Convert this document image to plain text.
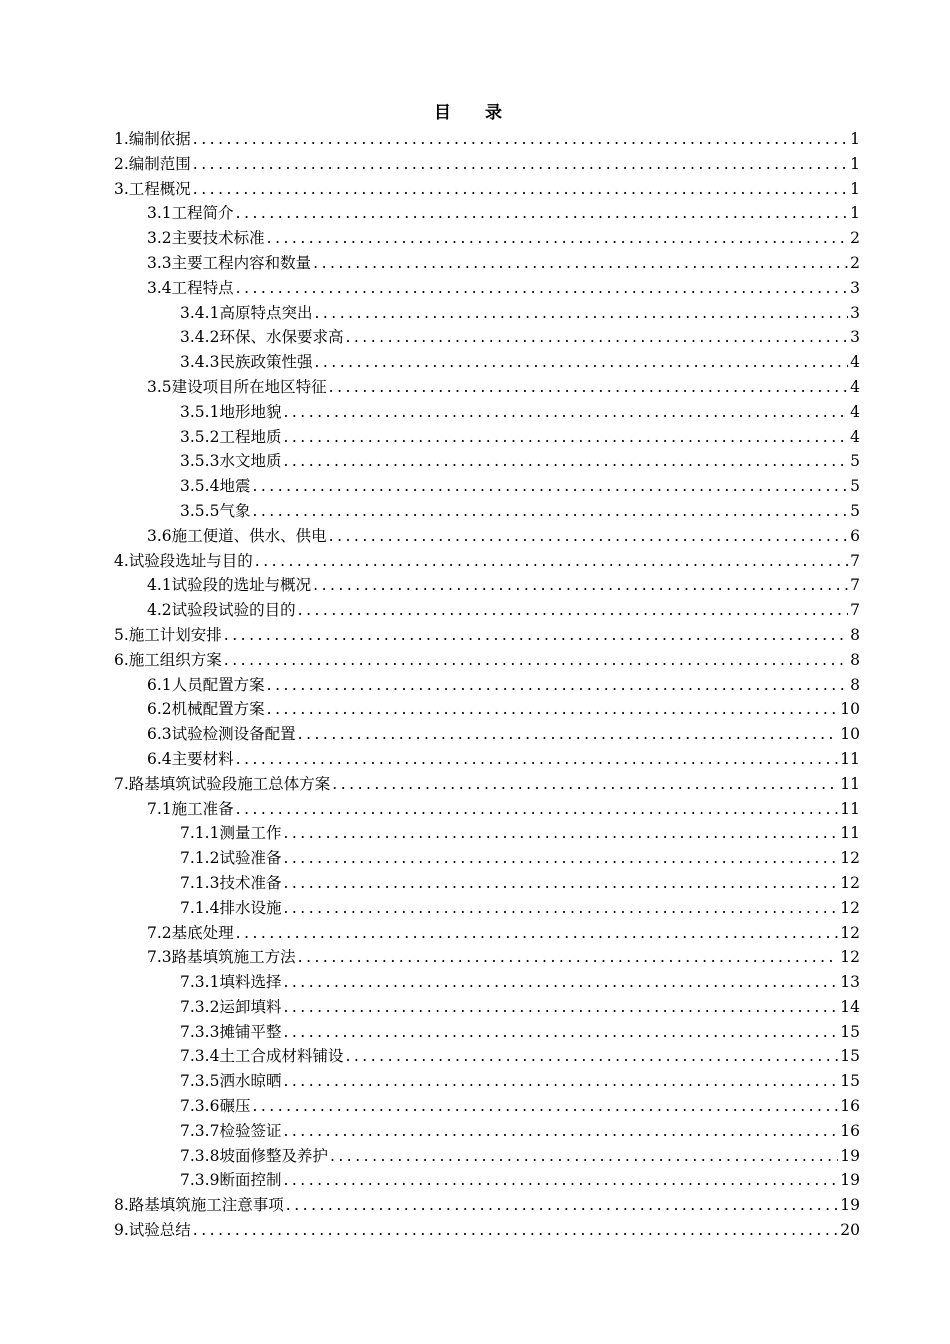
目 录
1.编制依据 .....	1
2.编制范围 .....	1
3.工程概况 .....	1
3.1工程简介 .....	1
3.2主要技术标准 .....	2
3.3主要工程内容和数量 .....	2
3.4工程特点 .....	3
3.4.1高原特点突出 .....	3
3.4.2环保、水保要求高 .....	3
3.4.3民族政策性强 .....	4
3.5建设项目所在地区特征 .....	4
3.5.1地形地貌 .....	4
3.5.2工程地质 .....	4
3.5.3水文地质 .....	5
3.5.4地震 .....	5
3.5.5气象 .....	5
3.6施工便道、供水、供电 .....	6
4.试验段选址与目的 .....	7
4.1试验段的选址与概况 .....	7
4.2试验段试验的目的 .....	7
5.施工计划安排 .....	8
6.施工组织方案 .....	8
6.1人员配置方案 .....	8
6.2机械配置方案 .....	10
6.3试验检测设备配置 .....	10
6.4主要材料 .....	11
7.路基填筑试验段施工总体方案 .....	11
7.1施工准备 .....	11
7.1.1测量工作 .....	11
7.1.2试验准备 .....	12
7.1.3技术准备 .....	12
7.1.4排水设施 .....	12
7.2基底处理 .....	12
7.3路基填筑施工方法 .....	12
7.3.1填料选择 .....	13
7.3.2运卸填料 .....	14
7.3.3摊铺平整 .....	15
7.3.4土工合成材料铺设 .....	15
7.3.5洒水晾晒 .....	15
7.3.6碾压 .....	16
7.3.7检验签证 .....	16
7.3.8坡面修整及养护 .....	19
7.3.9断面控制 .....	19
8.路基填筑施工注意事项 .....	19
9.试验总结 .....	20
